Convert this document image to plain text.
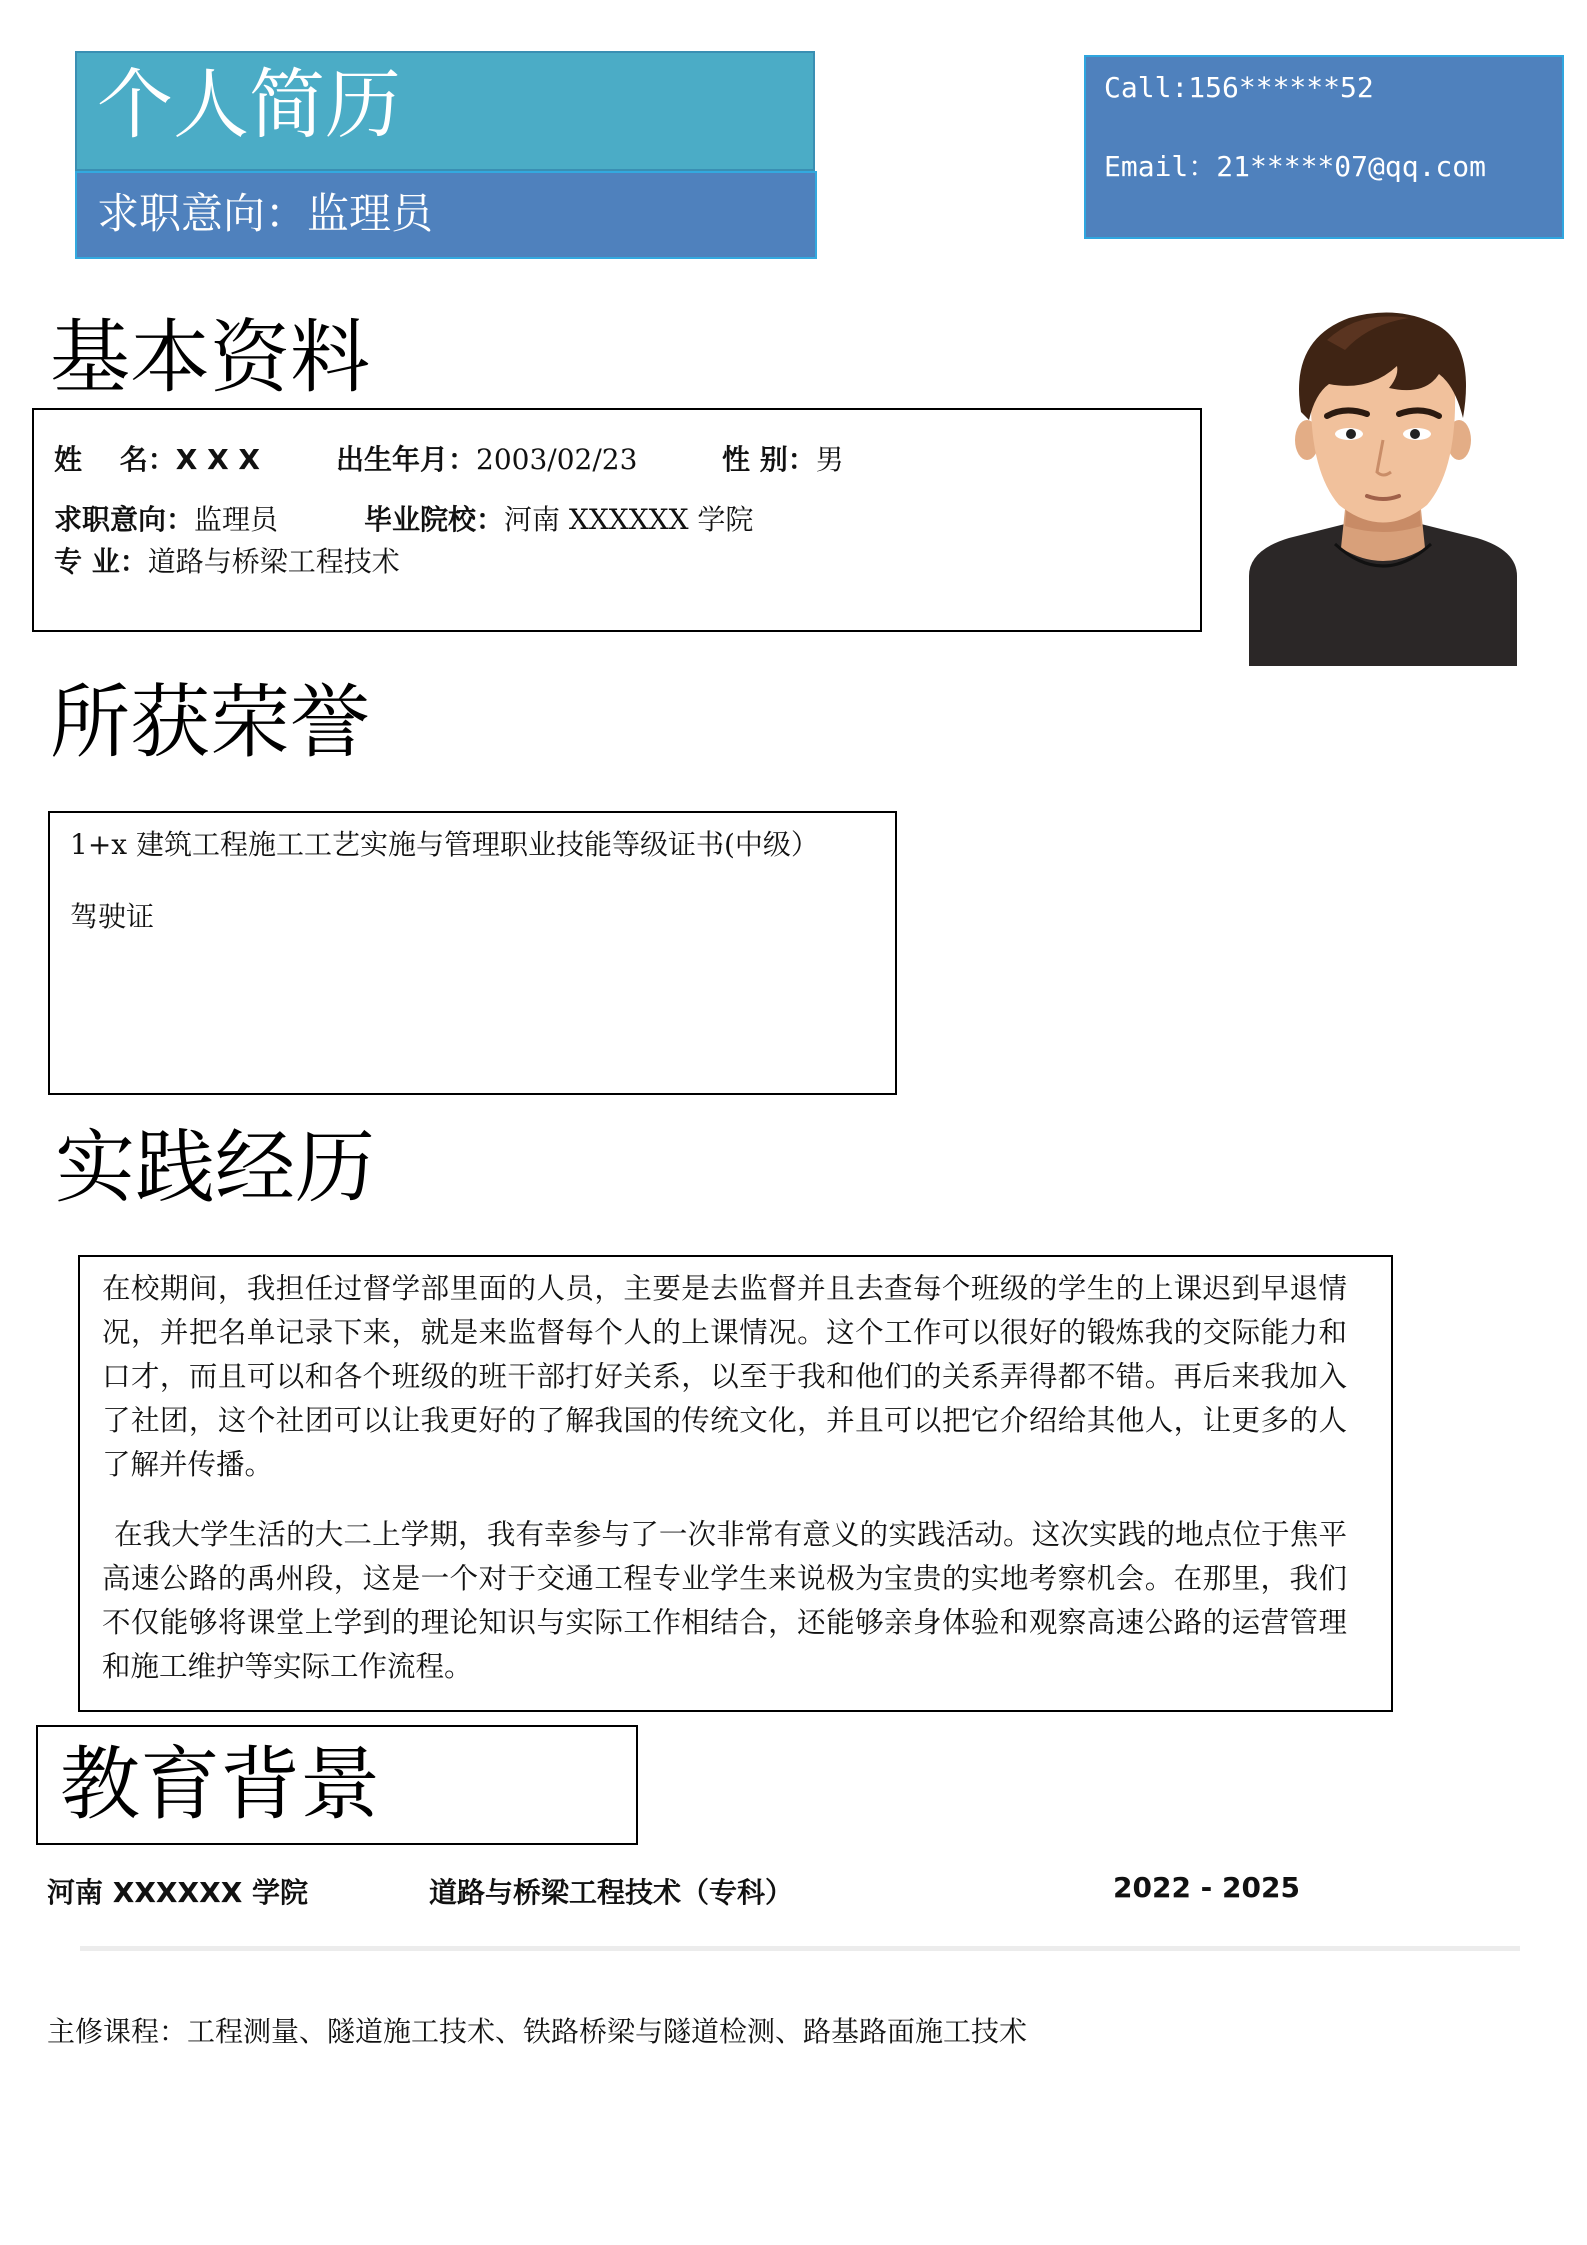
个人简历
求职意向：监理员
Call:156******52
Email：21*****07@qq.com
基本资料
姓　 名：X X X	出生年月：2003/02/23	性 别：男
求职意向：监理员	毕业院校：河南 XXXXXX 学院
专 业：道路与桥梁工程技术
所获荣誉
1+x 建筑工程施工工艺实施与管理职业技能等级证书(中级）
驾驶证
实践经历

在校期间，我担任过督学部里面的人员，主要是去监督并且去查每个班级的学生的上课迟到早退情况，并把名单记录下来，就是来监督每个人的上课情况。这个工作可以很好的锻炼我的交际能力和口才，而且可以和各个班级的班干部打好关系，以至于我和他们的关系弄得都不错。再后来我加入了社团，这个社团可以让我更好的了解我国的传统文化，并且可以把它介绍给其他人，让更多的人了解并传播。

在我大学生活的大二上学期，我有幸参与了一次非常有意义的实践活动。这次实践的地点位于焦平高速公路的禹州段，这是一个对于交通工程专业学生来说极为宝贵的实地考察机会。在那里，我们不仅能够将课堂上学到的理论知识与实际工作相结合，还能够亲身体验和观察高速公路的运营管理和施工维护等实际工作流程。

教育背景
河南 XXXXXX 学院	道路与桥梁工程技术（专科）	2022 - 2025
主修课程：工程测量、隧道施工技术、铁路桥梁与隧道检测、路基路面施工技术
